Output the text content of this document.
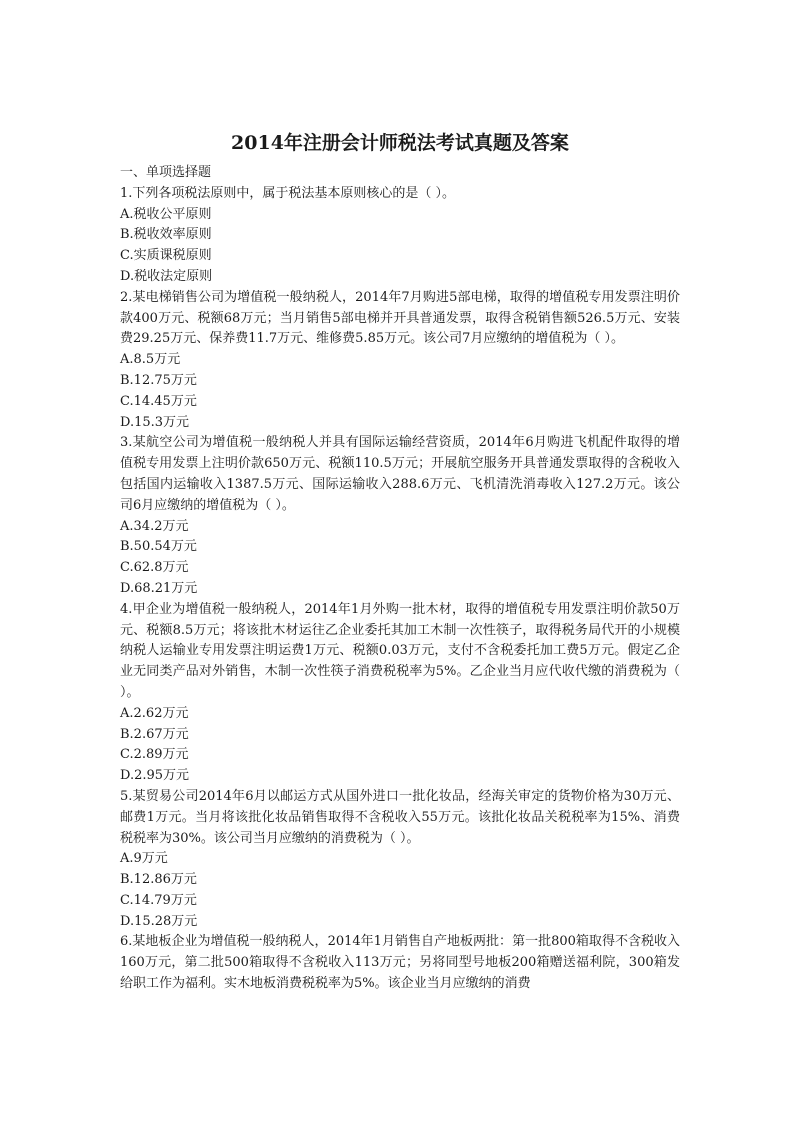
2014年注册会计师税法考试真题及答案

一、单项选择题

1.下列各项税法原则中，属于税法基本原则核心的是（ ）。

A.税收公平原则

B.税收效率原则

C.实质课税原则

D.税收法定原则

2.某电梯销售公司为增值税一般纳税人，2014年7月购进5部电梯，取得的增值税专用发票注明价款400万元、税额68万元；当月销售5部电梯并开具普通发票，取得含税销售额526.5万元、安装费29.25万元、保养费11.7万元、维修费5.85万元。该公司7月应缴纳的增值税为（ ）。

A.8.5万元

B.12.75万元

C.14.45万元

D.15.3万元

3.某航空公司为增值税一般纳税人并具有国际运输经营资质，2014年6月购进飞机配件取得的增值税专用发票上注明价款650万元、税额110.5万元；开展航空服务开具普通发票取得的含税收入包括国内运输收入1387.5万元、国际运输收入288.6万元、飞机清洗消毒收入127.2万元。该公司6月应缴纳的增值税为（ ）。

A.34.2万元

B.50.54万元

C.62.8万元

D.68.21万元

4.甲企业为增值税一般纳税人，2014年1月外购一批木材，取得的增值税专用发票注明价款50万元、税额8.5万元；将该批木材运往乙企业委托其加工木制一次性筷子，取得税务局代开的小规模纳税人运输业专用发票注明运费1万元、税额0.03万元，支付不含税委托加工费5万元。假定乙企业无同类产品对外销售，木制一次性筷子消费税税率为5%。乙企业当月应代收代缴的消费税为（ ）。

A.2.62万元

B.2.67万元

C.2.89万元

D.2.95万元

5.某贸易公司2014年6月以邮运方式从国外进口一批化妆品，经海关审定的货物价格为30万元、邮费1万元。当月将该批化妆品销售取得不含税收入55万元。该批化妆品关税税率为15%、消费税税率为30%。该公司当月应缴纳的消费税为（ ）。

A.9万元

B.12.86万元

C.14.79万元

D.15.28万元

6.某地板企业为增值税一般纳税人，2014年1月销售自产地板两批：第一批800箱取得不含税收入160万元，第二批500箱取得不含税收入113万元；另将同型号地板200箱赠送福利院，300箱发给职工作为福利。实木地板消费税税率为5%。该企业当月应缴纳的消费
